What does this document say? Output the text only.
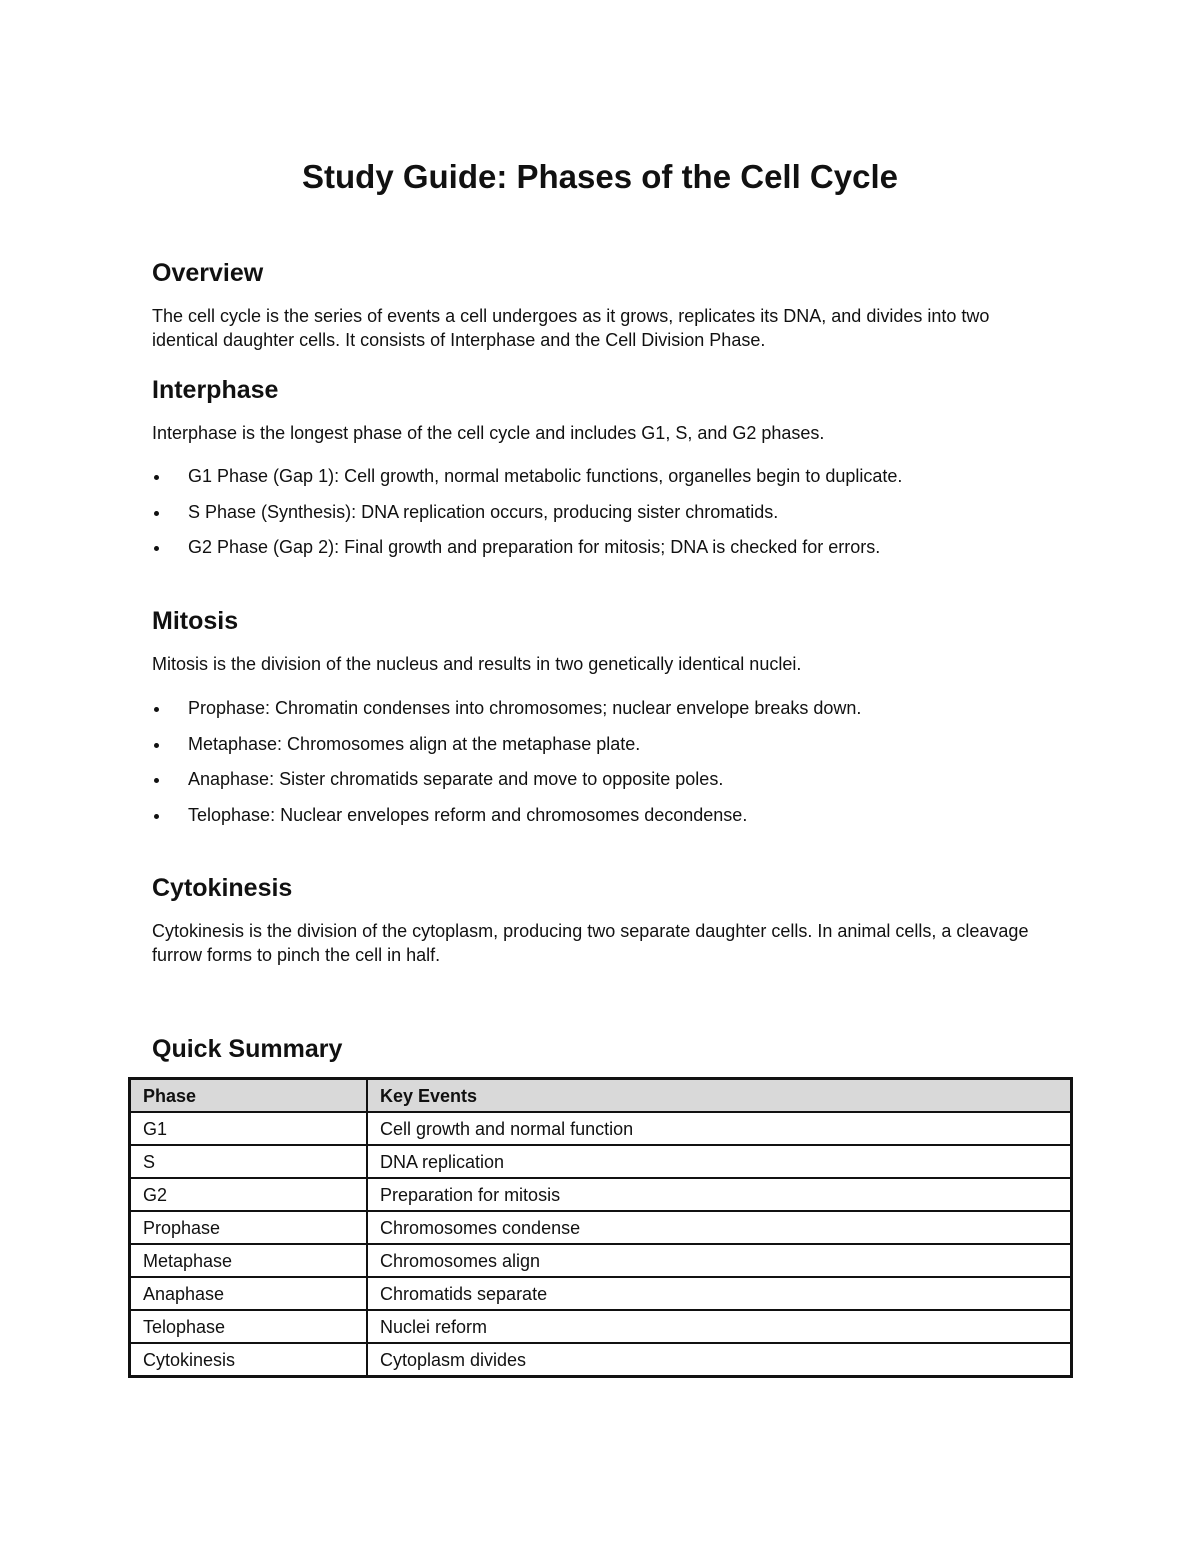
Study Guide: Phases of the Cell Cycle
Overview

The cell cycle is the series of events a cell undergoes as it grows, replicates its DNA, and divides into two identical daughter cells. It consists of Interphase and the Cell Division Phase.

Interphase

Interphase is the longest phase of the cell cycle and includes G1, S, and G2 phases.

G1 Phase (Gap 1): Cell growth, normal metabolic functions, organelles begin to duplicate.
S Phase (Synthesis): DNA replication occurs, producing sister chromatids.
G2 Phase (Gap 2): Final growth and preparation for mitosis; DNA is checked for errors.
Mitosis

Mitosis is the division of the nucleus and results in two genetically identical nuclei.

Prophase: Chromatin condenses into chromosomes; nuclear envelope breaks down.
Metaphase: Chromosomes align at the metaphase plate.
Anaphase: Sister chromatids separate and move to opposite poles.
Telophase: Nuclear envelopes reform and chromosomes decondense.
Cytokinesis

Cytokinesis is the division of the cytoplasm, producing two separate daughter cells. In animal cells, a cleavage furrow forms to pinch the cell in half.

Quick Summary
Phase	Key Events
G1	Cell growth and normal function
S	DNA replication
G2	Preparation for mitosis
Prophase	Chromosomes condense
Metaphase	Chromosomes align
Anaphase	Chromatids separate
Telophase	Nuclei reform
Cytokinesis	Cytoplasm divides
